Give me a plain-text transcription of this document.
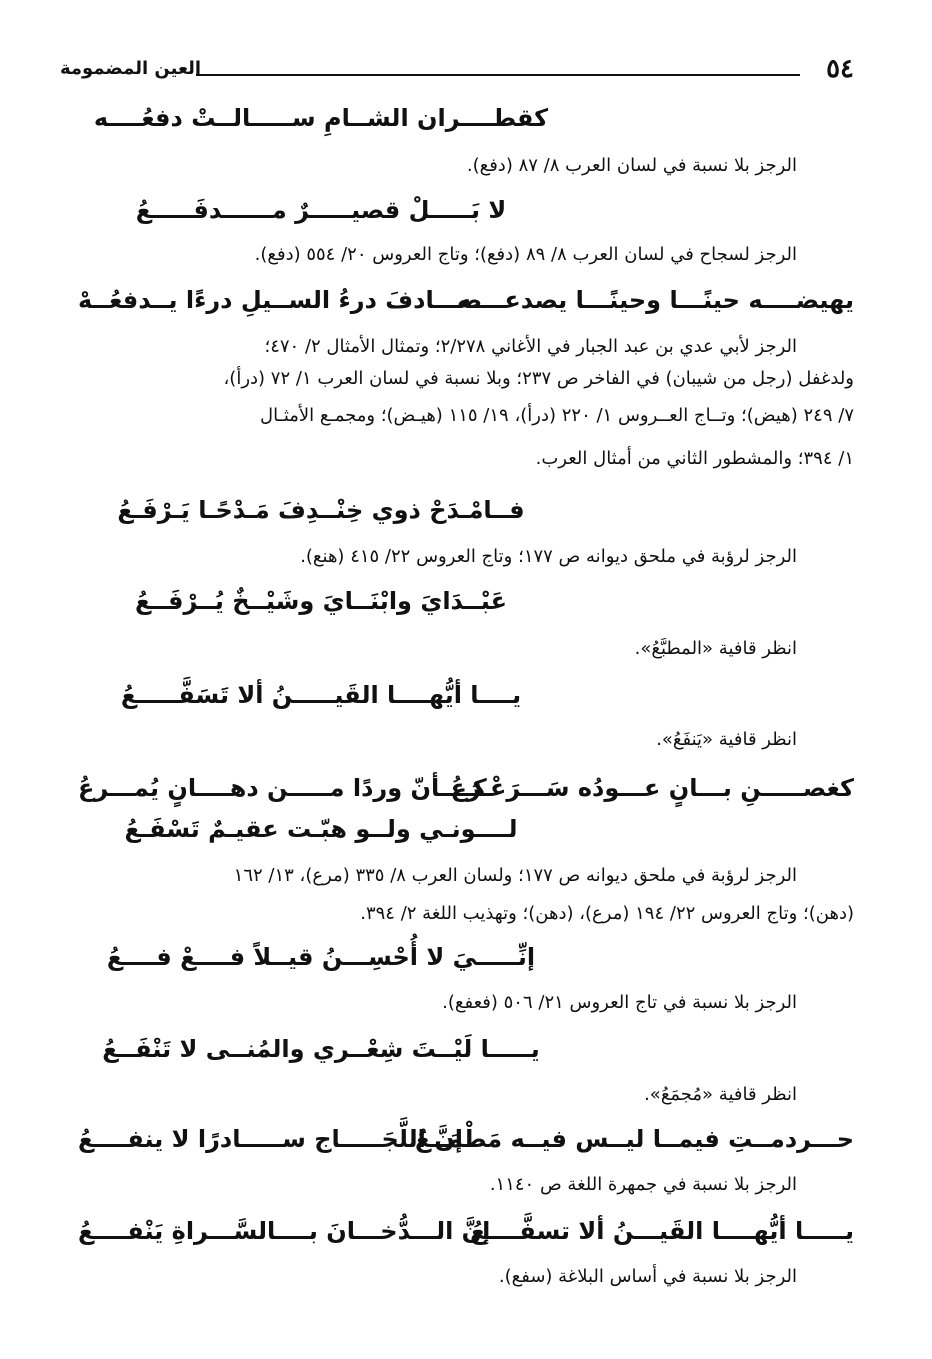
٥٤
العين المضمومة
كقطــــران الشــامِ ســـــالــتْ دفعُــــه
الرجز بلا نسبة في لسان العرب ٨/ ٨٧ (دفع).
لا بَـــــلْ قصيـــــرٌ مــــــدفَـــــعُ
الرجز لسجاح في لسان العرب ٨/ ٨٩ (دفع)؛ وتاج العروس ٢٠/ ٥٥٤ (دفع).
يهيضــــه حينًـــا وحينًـــا يصدعــــه
صـــادفَ درءُ الســيلِ درءًا يــدفعُــهْ
الرجز لأبي عدي بن عبد الجبار في الأغاني ٢/٢٧٨؛ وتمثال الأمثال ٢/ ٤٧٠؛
ولدغفل (رجل من شيبان) في الفاخر ص ٢٣٧؛ وبلا نسبة في لسان العرب ١/ ٧٢ (درأ)،
٧/ ٢٤٩ (هيض)؛ وتــاج العــروس ١/ ٢٢٠ (درأ)، ١٩/ ١١٥ (هيـض)؛ ومجمـع الأمثـال
١/ ٣٩٤؛ والمشطور الثاني من أمثال العرب.
فــامْـدَحْ ذوي خِنْــدِفَ مَـدْحًـا يَـرْفَـعُ
الرجز لرؤبة في ملحق ديوانه ص ١٧٧؛ وتاج العروس ٢٢/ ٤١٥ (هنع).
عَبْــدَايَ وابْنَــايَ وشَيْــخٌ يُــرْفَــعُ
انظر قافية «المطبَّعُ».
يــــا أيُّهــــا القَيـــــنُ ألا تَسَفَّـــــعُ
انظر قافية «يَنفَعُ».
كغصـــــنِ بـــانٍ عـــودُه سَـــرَعْـرَعُ
كــــأنّ وردًا مـــــن دهــــانٍ يُمـــرعُ
لــــونـي ولــو هبّـت عقيـمٌ تَسْفَـعُ
الرجز لرؤبة في ملحق ديوانه ص ١٧٧؛ ولسان العرب ٨/ ٣٣٥ (مرع)، ١٣/ ١٦٢
(دهن)؛ وتاج العروس ٢٢/ ١٩٤ (مرع)، (دهن)؛ وتهذيب اللغة ٢/ ٣٩٤.
إنِّـــــيَ لا أُحْسِـــنُ قيــلاً فــــعْ فــــعُ
الرجز بلا نسبة في تاج العروس ٢١/ ٥٠٦ (فعفع).
يـــــا لَيْــتَ شِعْــري والمُنــى لا تَنْفَــعُ
انظر قافية «مُجمَعُ».
حـــردمــتِ فيمــا ليــس فيــه مَطْمَــعُ
إنَّ اللَّجَـــــاج ســـــادرًا لا ينفــــعُ
الرجز بلا نسبة في جمهرة اللغة ص ١١٤٠.
يـــــا أيُّهــــا القَيـــنُ ألا تسفَّــــعُ
إنَّ الـــدُّخـــانَ بــــالسَّـــراةِ يَنْفــــعُ
الرجز بلا نسبة في أساس البلاغة (سفع).
